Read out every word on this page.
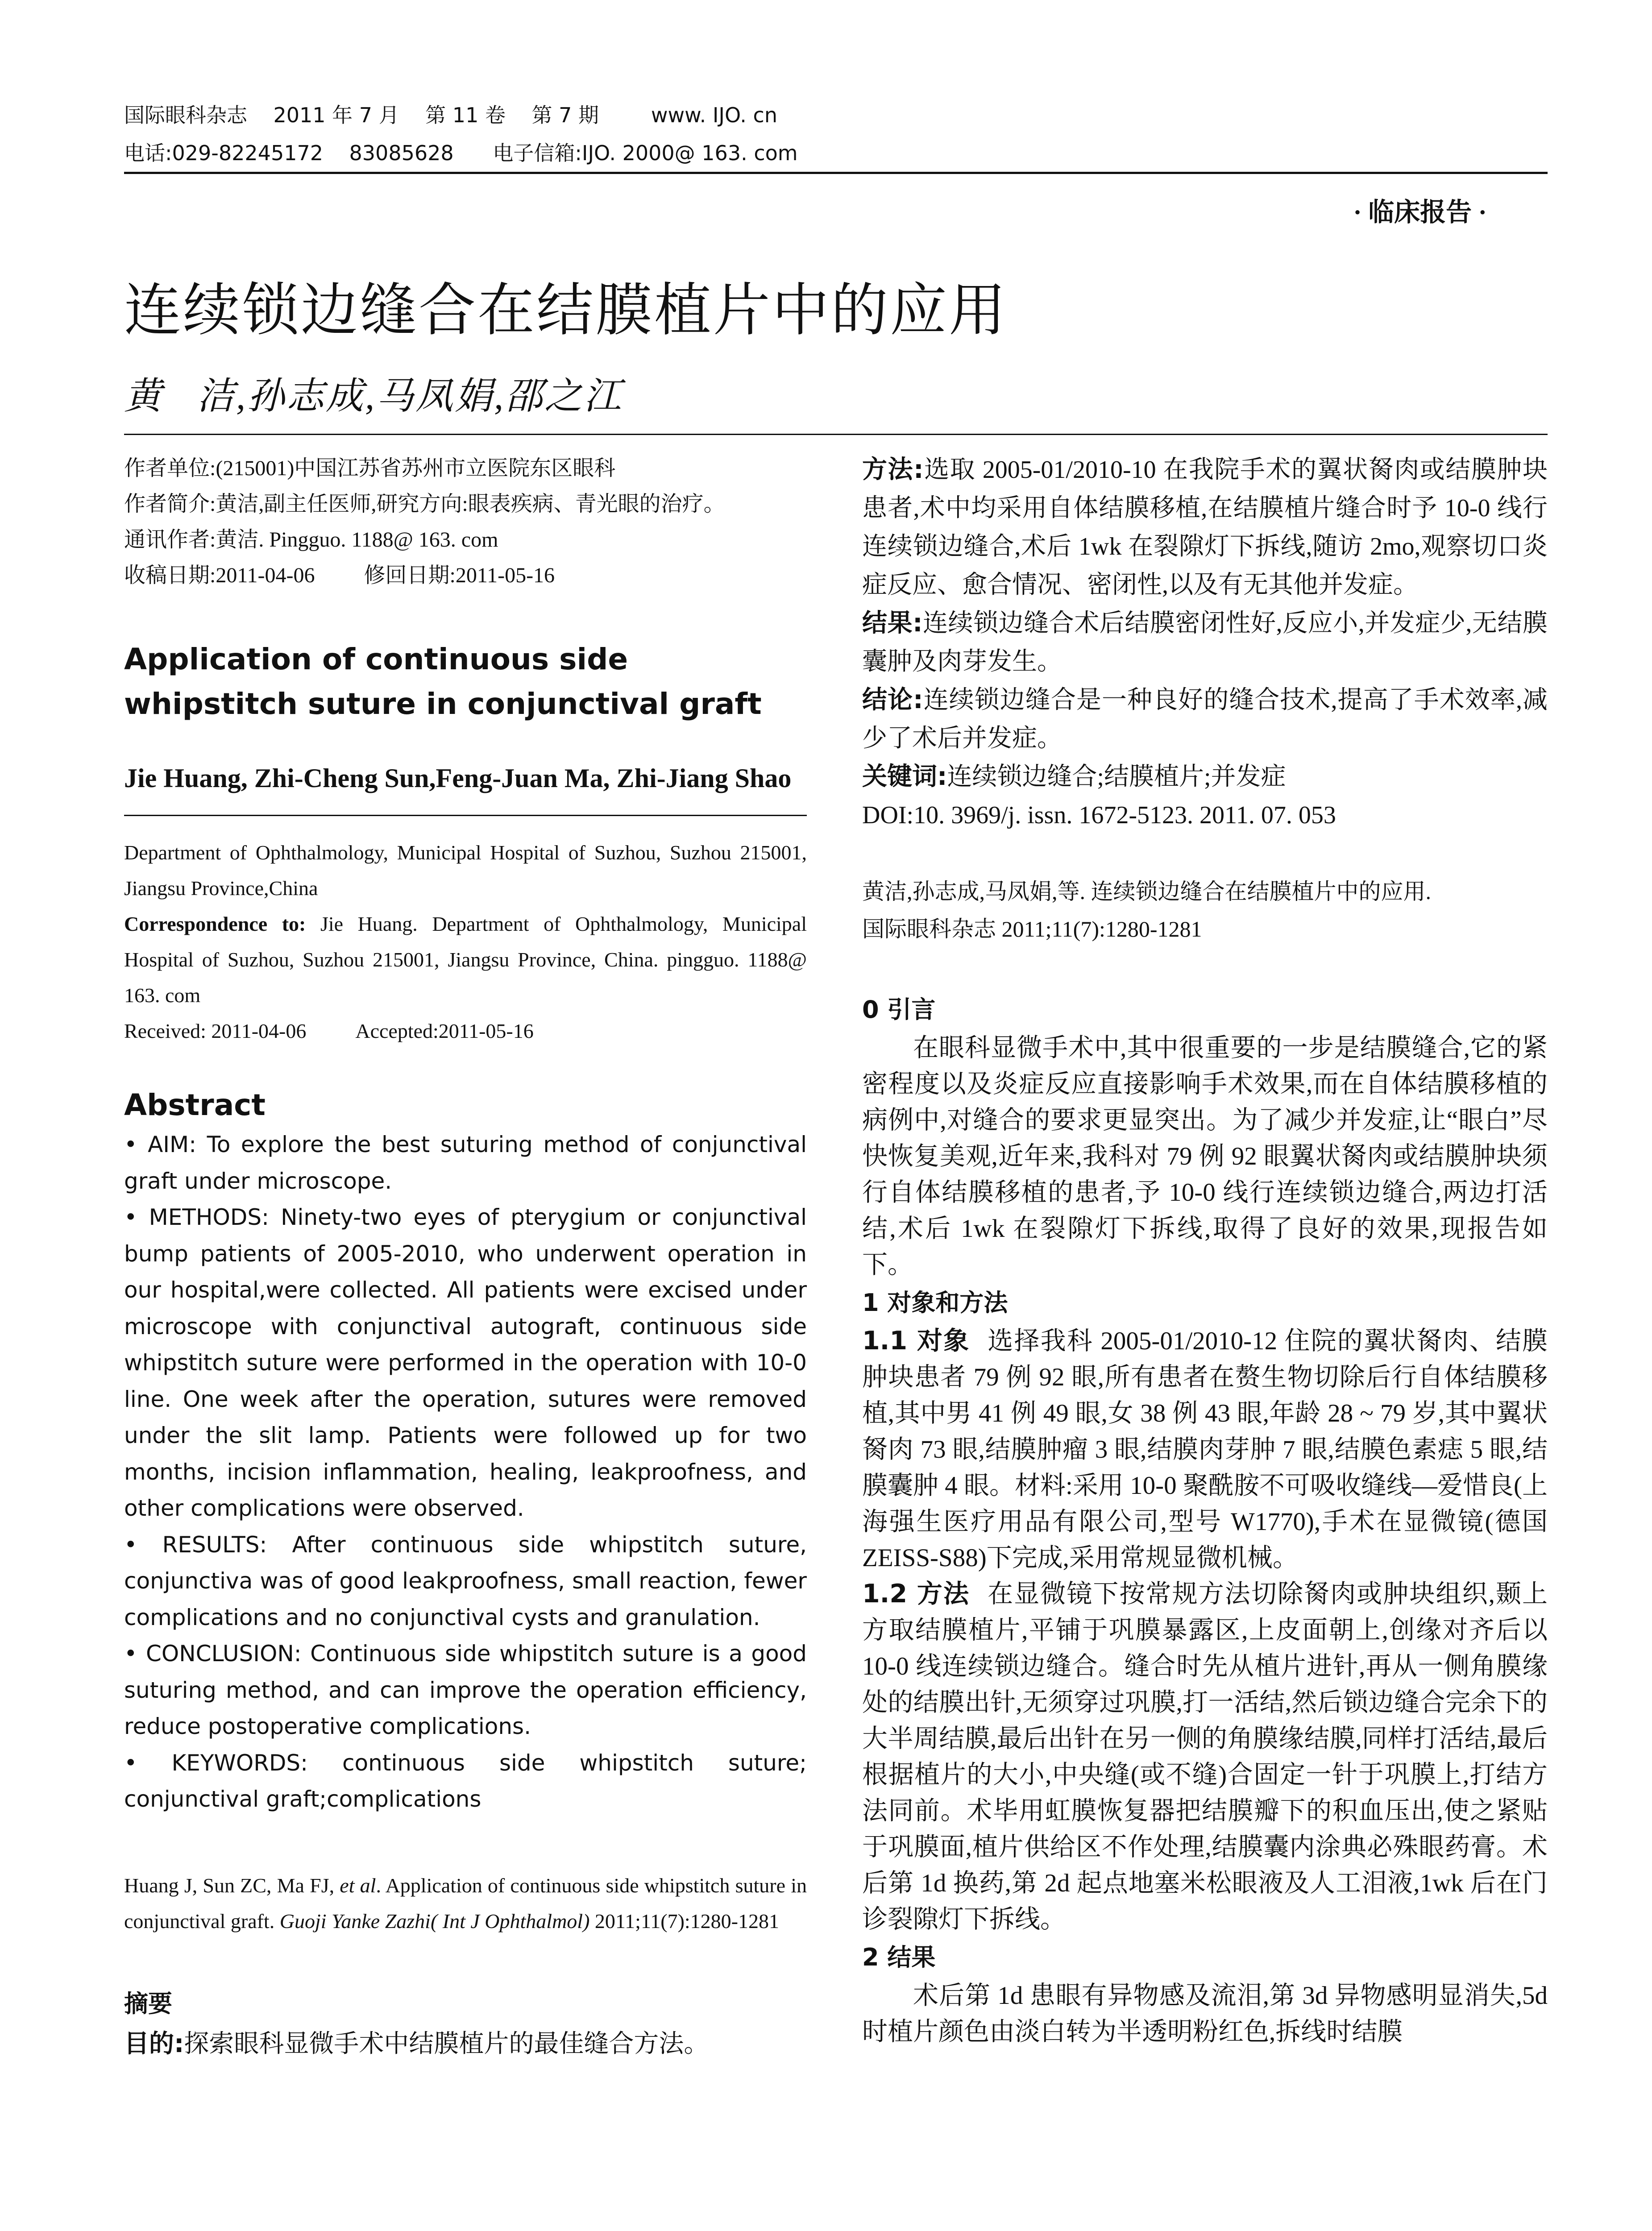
国际眼科杂志    2011 年 7 月    第 11 卷    第 7 期        www. IJO. cn
电话:029-82245172    83085628      电子信箱:IJO. 2000@ 163. com
· 临床报告 ·
连续锁边缝合在结膜植片中的应用
黄   洁,孙志成,马凤娟,邵之江

作者单位:(215001)中国江苏省苏州市立医院东区眼科

作者简介:黄洁,副主任医师,研究方向:眼表疾病、青光眼的治疗。

通讯作者:黄洁. Pingguo. 1188@ 163. com

收稿日期:2011-04-06 修回日期:2011-05-16

Application of continuous side whipstitch suture in conjunctival graft

Jie Huang, Zhi-Cheng Sun,Feng-Juan Ma, Zhi-Jiang Shao

Department of Ophthalmology, Municipal Hospital of Suzhou, Suzhou 215001, Jiangsu Province,China

Correspondence to: Jie Huang. Department of Ophthalmology, Municipal Hospital of Suzhou, Suzhou 215001, Jiangsu Province, China. pingguo. 1188@ 163. com

Received: 2011-04-06 Accepted:2011-05-16

Abstract

• AIM: To explore the best suturing method of conjunctival graft under microscope.

• METHODS: Ninety-two eyes of pterygium or conjunctival bump patients of 2005-2010, who underwent operation in our hospital,were collected. All patients were excised under microscope with conjunctival autograft, continuous side whipstitch suture were performed in the operation with 10-0 line. One week after the operation, sutures were removed under the slit lamp. Patients were followed up for two months, incision inflammation, healing, leakproofness, and other complications were observed.

• RESULTS: After continuous side whipstitch suture, conjunctiva was of good leakproofness, small reaction, fewer complications and no conjunctival cysts and granulation.

• CONCLUSION: Continuous side whipstitch suture is a good suturing method, and can improve the operation efficiency, reduce postoperative complications.

• KEYWORDS: continuous side whipstitch suture; conjunctival graft;complications

Huang J, Sun ZC, Ma FJ, et al. Application of continuous side whipstitch suture in conjunctival graft. Guoji Yanke Zazhi( Int J Ophthalmol) 2011;11(7):1280-1281
摘要

目的:探索眼科显微手术中结膜植片的最佳缝合方法。

方法:选取 2005-01/2010-10 在我院手术的翼状胬肉或结膜肿块患者,术中均采用自体结膜移植,在结膜植片缝合时予 10-0 线行连续锁边缝合,术后 1wk 在裂隙灯下拆线,随访 2mo,观察切口炎症反应、愈合情况、密闭性,以及有无其他并发症。

结果:连续锁边缝合术后结膜密闭性好,反应小,并发症少,无结膜囊肿及肉芽发生。

结论:连续锁边缝合是一种良好的缝合技术,提高了手术效率,减少了术后并发症。

关键词:连续锁边缝合;结膜植片;并发症

DOI:10. 3969/j. issn. 1672-5123. 2011. 07. 053

黄洁,孙志成,马凤娟,等. 连续锁边缝合在结膜植片中的应用.

国际眼科杂志 2011;11(7):1280-1281

0 引言

在眼科显微手术中,其中很重要的一步是结膜缝合,它的紧密程度以及炎症反应直接影响手术效果,而在自体结膜移植的病例中,对缝合的要求更显突出。为了减少并发症,让“眼白”尽快恢复美观,近年来,我科对 79 例 92 眼翼状胬肉或结膜肿块须行自体结膜移植的患者,予 10-0 线行连续锁边缝合,两边打活结,术后 1wk 在裂隙灯下拆线,取得了良好的效果,现报告如下。

1 对象和方法

1.1 对象 选择我科 2005-01/2010-12 住院的翼状胬肉、结膜肿块患者 79 例 92 眼,所有患者在赘生物切除后行自体结膜移植,其中男 41 例 49 眼,女 38 例 43 眼,年龄 28 ~ 79 岁,其中翼状胬肉 73 眼,结膜肿瘤 3 眼,结膜肉芽肿 7 眼,结膜色素痣 5 眼,结膜囊肿 4 眼。材料:采用 10-0 聚酰胺不可吸收缝线—爱惜良(上海强生医疗用品有限公司,型号 W1770),手术在显微镜(德国 ZEISS-S88)下完成,采用常规显微机械。

1.2 方法 在显微镜下按常规方法切除胬肉或肿块组织,颞上方取结膜植片,平铺于巩膜暴露区,上皮面朝上,创缘对齐后以 10-0 线连续锁边缝合。缝合时先从植片进针,再从一侧角膜缘处的结膜出针,无须穿过巩膜,打一活结,然后锁边缝合完余下的大半周结膜,最后出针在另一侧的角膜缘结膜,同样打活结,最后根据植片的大小,中央缝(或不缝)合固定一针于巩膜上,打结方法同前。术毕用虹膜恢复器把结膜瓣下的积血压出,使之紧贴于巩膜面,植片供给区不作处理,结膜囊内涂典必殊眼药膏。术后第 1d 换药,第 2d 起点地塞米松眼液及人工泪液,1wk 后在门诊裂隙灯下拆线。

2 结果

术后第 1d 患眼有异物感及流泪,第 3d 异物感明显消失,5d 时植片颜色由淡白转为半透明粉红色,拆线时结膜
